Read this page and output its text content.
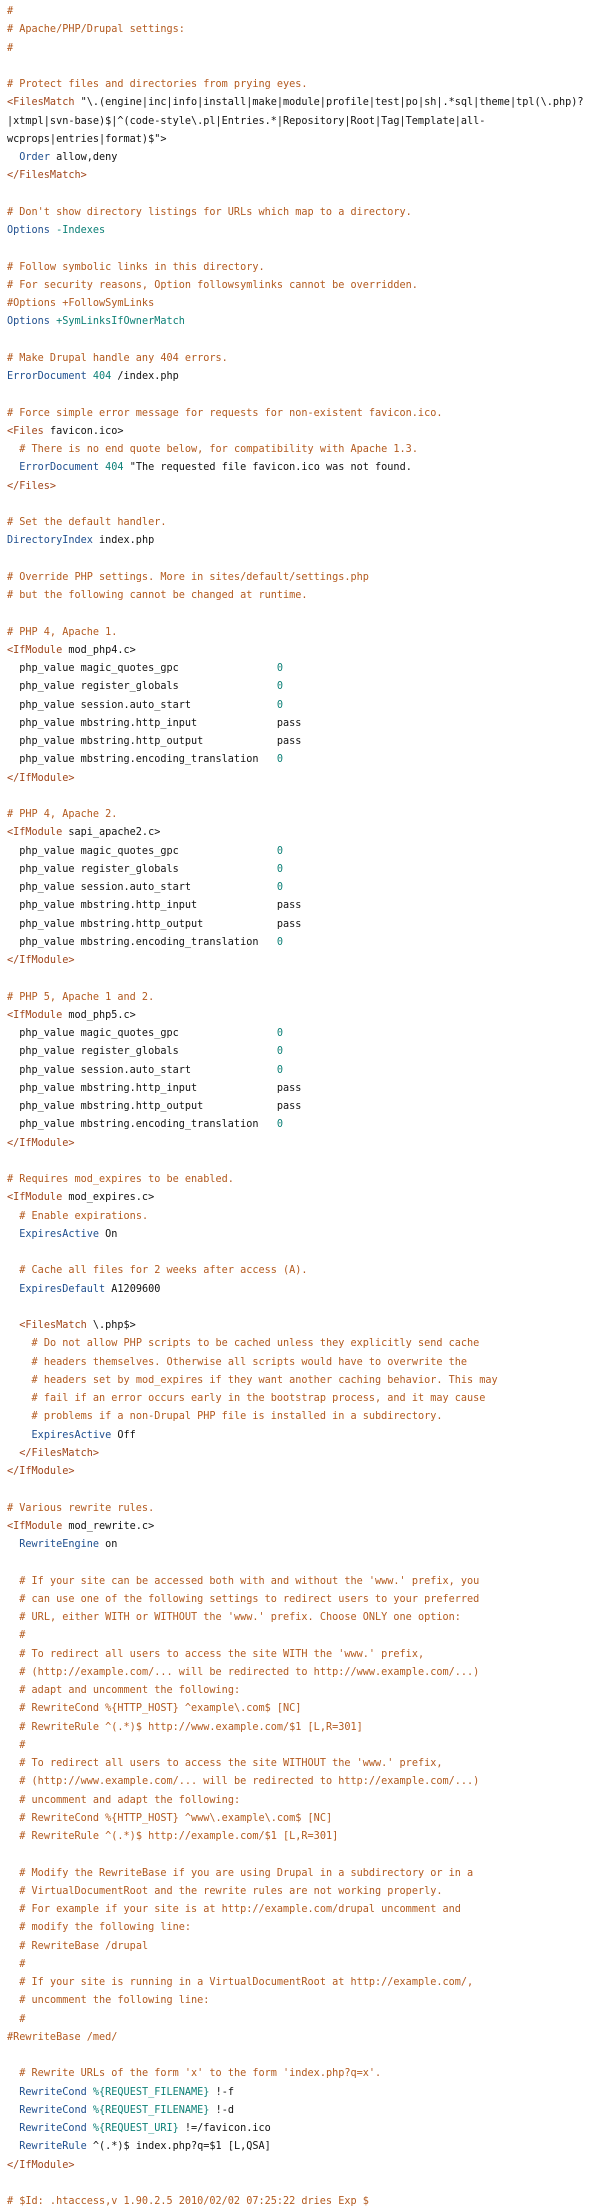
#
# Apache/PHP/Drupal settings:
#
# Protect files and directories from prying eyes.
<FilesMatch "\.(engine|inc|info|install|make|module|profile|test|po|sh|.*sql|theme|tpl(\.php)?
|xtmpl|svn-base)$|^(code-style\.pl|Entries.*|Repository|Root|Tag|Template|all-
wcprops|entries|format)$">
Order allow,deny
</FilesMatch>
# Don't show directory listings for URLs which map to a directory.
Options -Indexes
# Follow symbolic links in this directory.
# For security reasons, Option followsymlinks cannot be overridden.
#Options +FollowSymLinks
Options +SymLinksIfOwnerMatch
# Make Drupal handle any 404 errors.
ErrorDocument 404 /index.php
# Force simple error message for requests for non-existent favicon.ico.
<Files favicon.ico>
# There is no end quote below, for compatibility with Apache 1.3.
ErrorDocument 404 "The requested file favicon.ico was not found.
</Files>
# Set the default handler.
DirectoryIndex index.php
# Override PHP settings. More in sites/default/settings.php
# but the following cannot be changed at runtime.
# PHP 4, Apache 1.
<IfModule mod_php4.c>
php_value magic_quotes_gpc                0
php_value register_globals                0
php_value session.auto_start              0
php_value mbstring.http_input             pass
php_value mbstring.http_output            pass
php_value mbstring.encoding_translation   0
</IfModule>
# PHP 4, Apache 2.
<IfModule sapi_apache2.c>
php_value magic_quotes_gpc                0
php_value register_globals                0
php_value session.auto_start              0
php_value mbstring.http_input             pass
php_value mbstring.http_output            pass
php_value mbstring.encoding_translation   0
</IfModule>
# PHP 5, Apache 1 and 2.
<IfModule mod_php5.c>
php_value magic_quotes_gpc                0
php_value register_globals                0
php_value session.auto_start              0
php_value mbstring.http_input             pass
php_value mbstring.http_output            pass
php_value mbstring.encoding_translation   0
</IfModule>
# Requires mod_expires to be enabled.
<IfModule mod_expires.c>
# Enable expirations.
ExpiresActive On
# Cache all files for 2 weeks after access (A).
ExpiresDefault A1209600
<FilesMatch \.php$>
# Do not allow PHP scripts to be cached unless they explicitly send cache
# headers themselves. Otherwise all scripts would have to overwrite the
# headers set by mod_expires if they want another caching behavior. This may
# fail if an error occurs early in the bootstrap process, and it may cause
# problems if a non-Drupal PHP file is installed in a subdirectory.
ExpiresActive Off
</FilesMatch>
</IfModule>
# Various rewrite rules.
<IfModule mod_rewrite.c>
RewriteEngine on
# If your site can be accessed both with and without the 'www.' prefix, you
# can use one of the following settings to redirect users to your preferred
# URL, either WITH or WITHOUT the 'www.' prefix. Choose ONLY one option:
#
# To redirect all users to access the site WITH the 'www.' prefix,
# (http://example.com/... will be redirected to http://www.example.com/...)
# adapt and uncomment the following:
# RewriteCond %{HTTP_HOST} ^example\.com$ [NC]
# RewriteRule ^(.*)$ http://www.example.com/$1 [L,R=301]
#
# To redirect all users to access the site WITHOUT the 'www.' prefix,
# (http://www.example.com/... will be redirected to http://example.com/...)
# uncomment and adapt the following:
# RewriteCond %{HTTP_HOST} ^www\.example\.com$ [NC]
# RewriteRule ^(.*)$ http://example.com/$1 [L,R=301]
# Modify the RewriteBase if you are using Drupal in a subdirectory or in a
# VirtualDocumentRoot and the rewrite rules are not working properly.
# For example if your site is at http://example.com/drupal uncomment and
# modify the following line:
# RewriteBase /drupal
#
# If your site is running in a VirtualDocumentRoot at http://example.com/,
# uncomment the following line:
#
#RewriteBase /med/
# Rewrite URLs of the form 'x' to the form 'index.php?q=x'.
RewriteCond %{REQUEST_FILENAME} !-f
RewriteCond %{REQUEST_FILENAME} !-d
RewriteCond %{REQUEST_URI} !=/favicon.ico
RewriteRule ^(.*)$ index.php?q=$1 [L,QSA]
</IfModule>
# $Id: .htaccess,v 1.90.2.5 2010/02/02 07:25:22 dries Exp $
